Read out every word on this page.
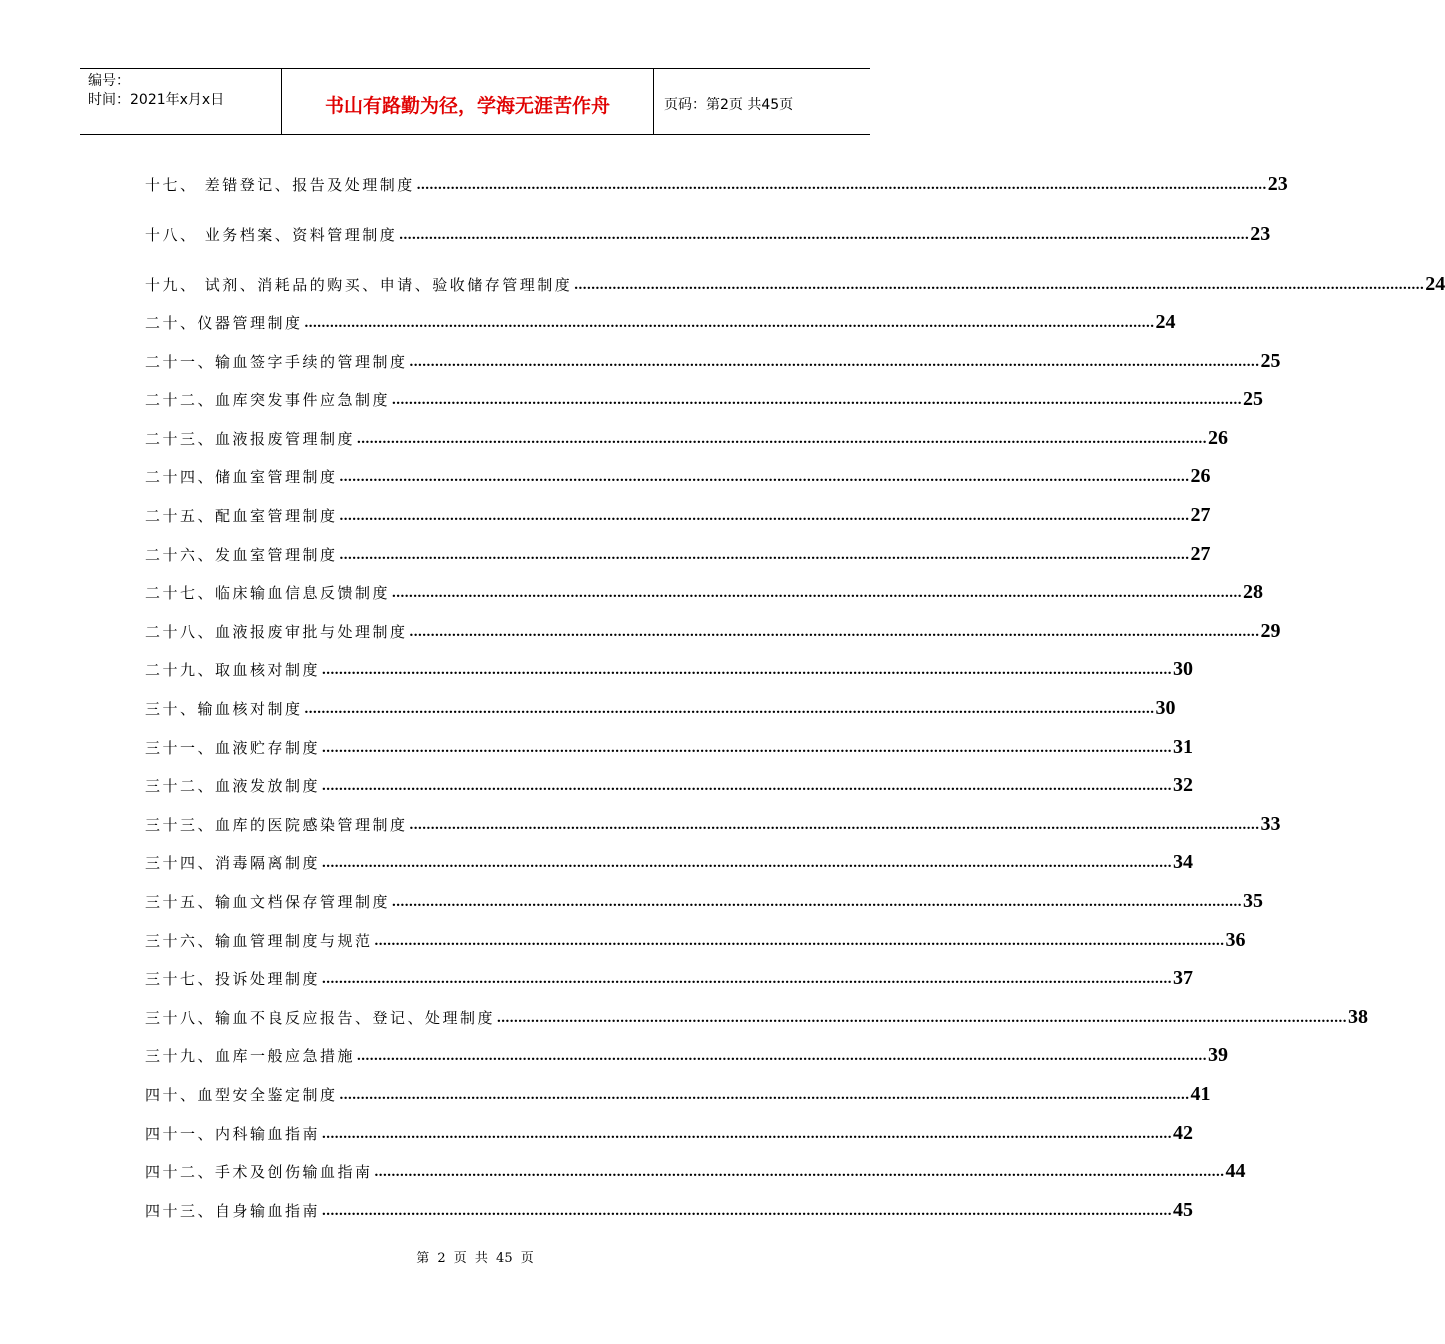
编号：
时间：2021年x月x日	书山有路勤为径，学海无涯苦作舟	页码：第2页 共45页
十七、 差错登记、报告及处理制度 ........................................................................................................................................................................................................ 23
十八、 业务档案、资料管理制度 ........................................................................................................................................................................................................ 23
十九、 试剂、消耗品的购买、申请、验收储存管理制度 ........................................................................................................................................................................................................ 24
二十、仪器管理制度 ........................................................................................................................................................................................................ 24
二十一、输血签字手续的管理制度 ........................................................................................................................................................................................................ 25
二十二、血库突发事件应急制度 ........................................................................................................................................................................................................ 25
二十三、血液报废管理制度 ........................................................................................................................................................................................................ 26
二十四、储血室管理制度 ........................................................................................................................................................................................................ 26
二十五、配血室管理制度 ........................................................................................................................................................................................................ 27
二十六、发血室管理制度 ........................................................................................................................................................................................................ 27
二十七、临床输血信息反馈制度 ........................................................................................................................................................................................................ 28
二十八、血液报废审批与处理制度 ........................................................................................................................................................................................................ 29
二十九、取血核对制度 ........................................................................................................................................................................................................ 30
三十、输血核对制度 ........................................................................................................................................................................................................ 30
三十一、血液贮存制度 ........................................................................................................................................................................................................ 31
三十二、血液发放制度 ........................................................................................................................................................................................................ 32
三十三、血库的医院感染管理制度 ........................................................................................................................................................................................................ 33
三十四、消毒隔离制度 ........................................................................................................................................................................................................ 34
三十五、输血文档保存管理制度 ........................................................................................................................................................................................................ 35
三十六、输血管理制度与规范 ........................................................................................................................................................................................................ 36
三十七、投诉处理制度 ........................................................................................................................................................................................................ 37
三十八、输血不良反应报告、登记、处理制度 ........................................................................................................................................................................................................ 38
三十九、血库一般应急措施 ........................................................................................................................................................................................................ 39
四十、血型安全鉴定制度 ........................................................................................................................................................................................................ 41
四十一、内科输血指南 ........................................................................................................................................................................................................ 42
四十二、手术及创伤输血指南 ........................................................................................................................................................................................................ 44
四十三、自身输血指南 ........................................................................................................................................................................................................ 45
第 2 页 共 45 页
